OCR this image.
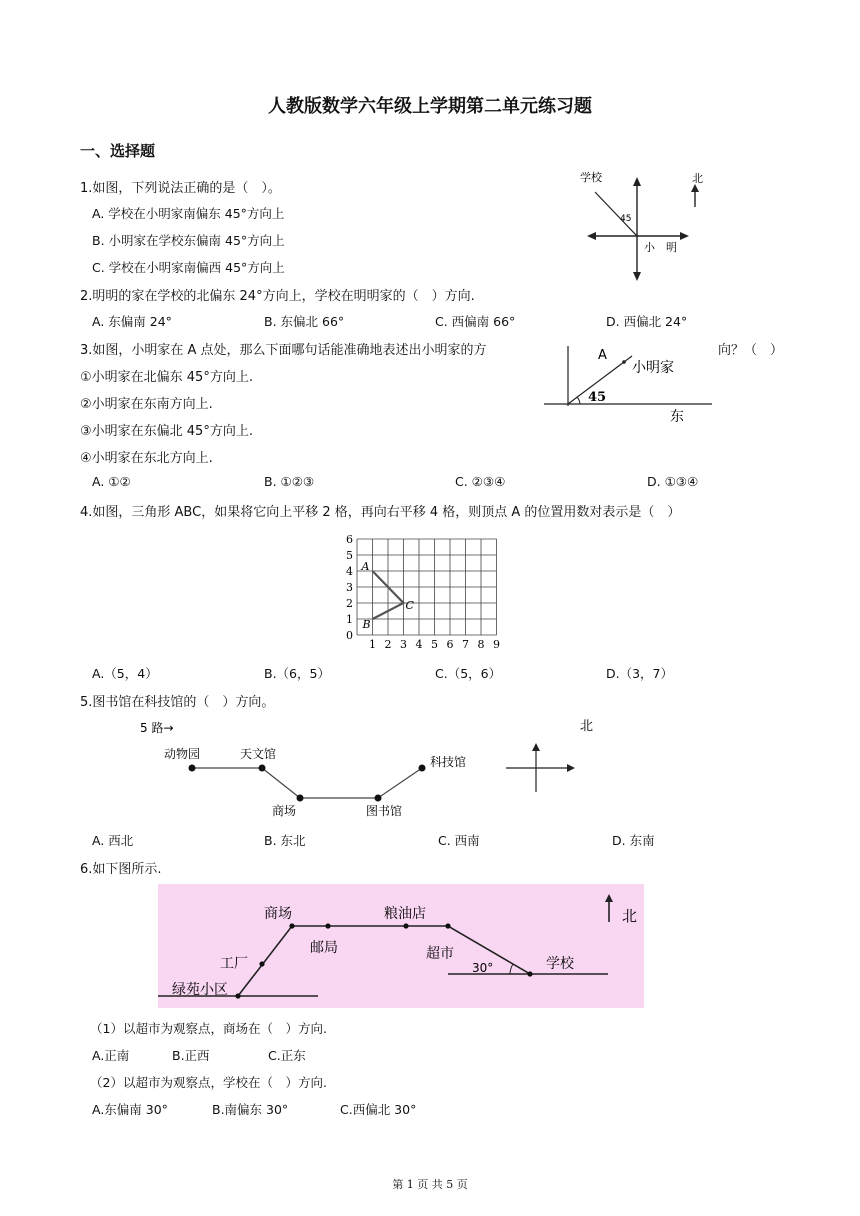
人教版数学六年级上学期第二单元练习题
一、选择题
1.如图，下列说法正确的是（　）。
A. 学校在小明家南偏东 45°方向上
B. 小明家在学校东偏南 45°方向上
C. 学校在小明家南偏西 45°方向上
学校
45
小　明
北
2.明明的家在学校的北偏东 24°方向上，学校在明明家的（　）方向.
A. 东偏南 24°	B. 东偏北 66°	C. 西偏南 66°	D. 西偏北 24°
3.如图，小明家在 A 点处，那么下面哪句话能准确地表述出小明家的方	向？（　）
①小明家在北偏东 45°方向上.
②小明家在东南方向上.
③小明家在东偏北 45°方向上.
④小明家在东北方向上.
A. ①②	B. ①②③	C. ②③④	D. ①③④
A
小明家
45
东
4.如图，三角形 ABC，如果将它向上平移 2 格，再向右平移 4 格，则顶点 A 的位置用数对表示是（　）
1 2 3 4 5 6 7 8 9
0
1
2
3
4
5
6
A
B
C
A.（5，4）	B.（6，5）	C.（5，6）	D.（3，7）
5.图书馆在科技馆的（　）方向。
5 路→	北
动物园	天文馆
商场	图书馆
科技馆
A. 西北	B. 东北	C. 西南	D. 东南
6.如下图所示.
商场	粮油店
邮局	超市
工厂
绿苑小区
30°	学校
北
（1）以超市为观察点，商场在（　）方向.
A.正南	B.正西	C.正东
（2）以超市为观察点，学校在（　）方向.
A.东偏南 30°	B.南偏东 30°	C.西偏北 30°
第 1 页 共 5 页
